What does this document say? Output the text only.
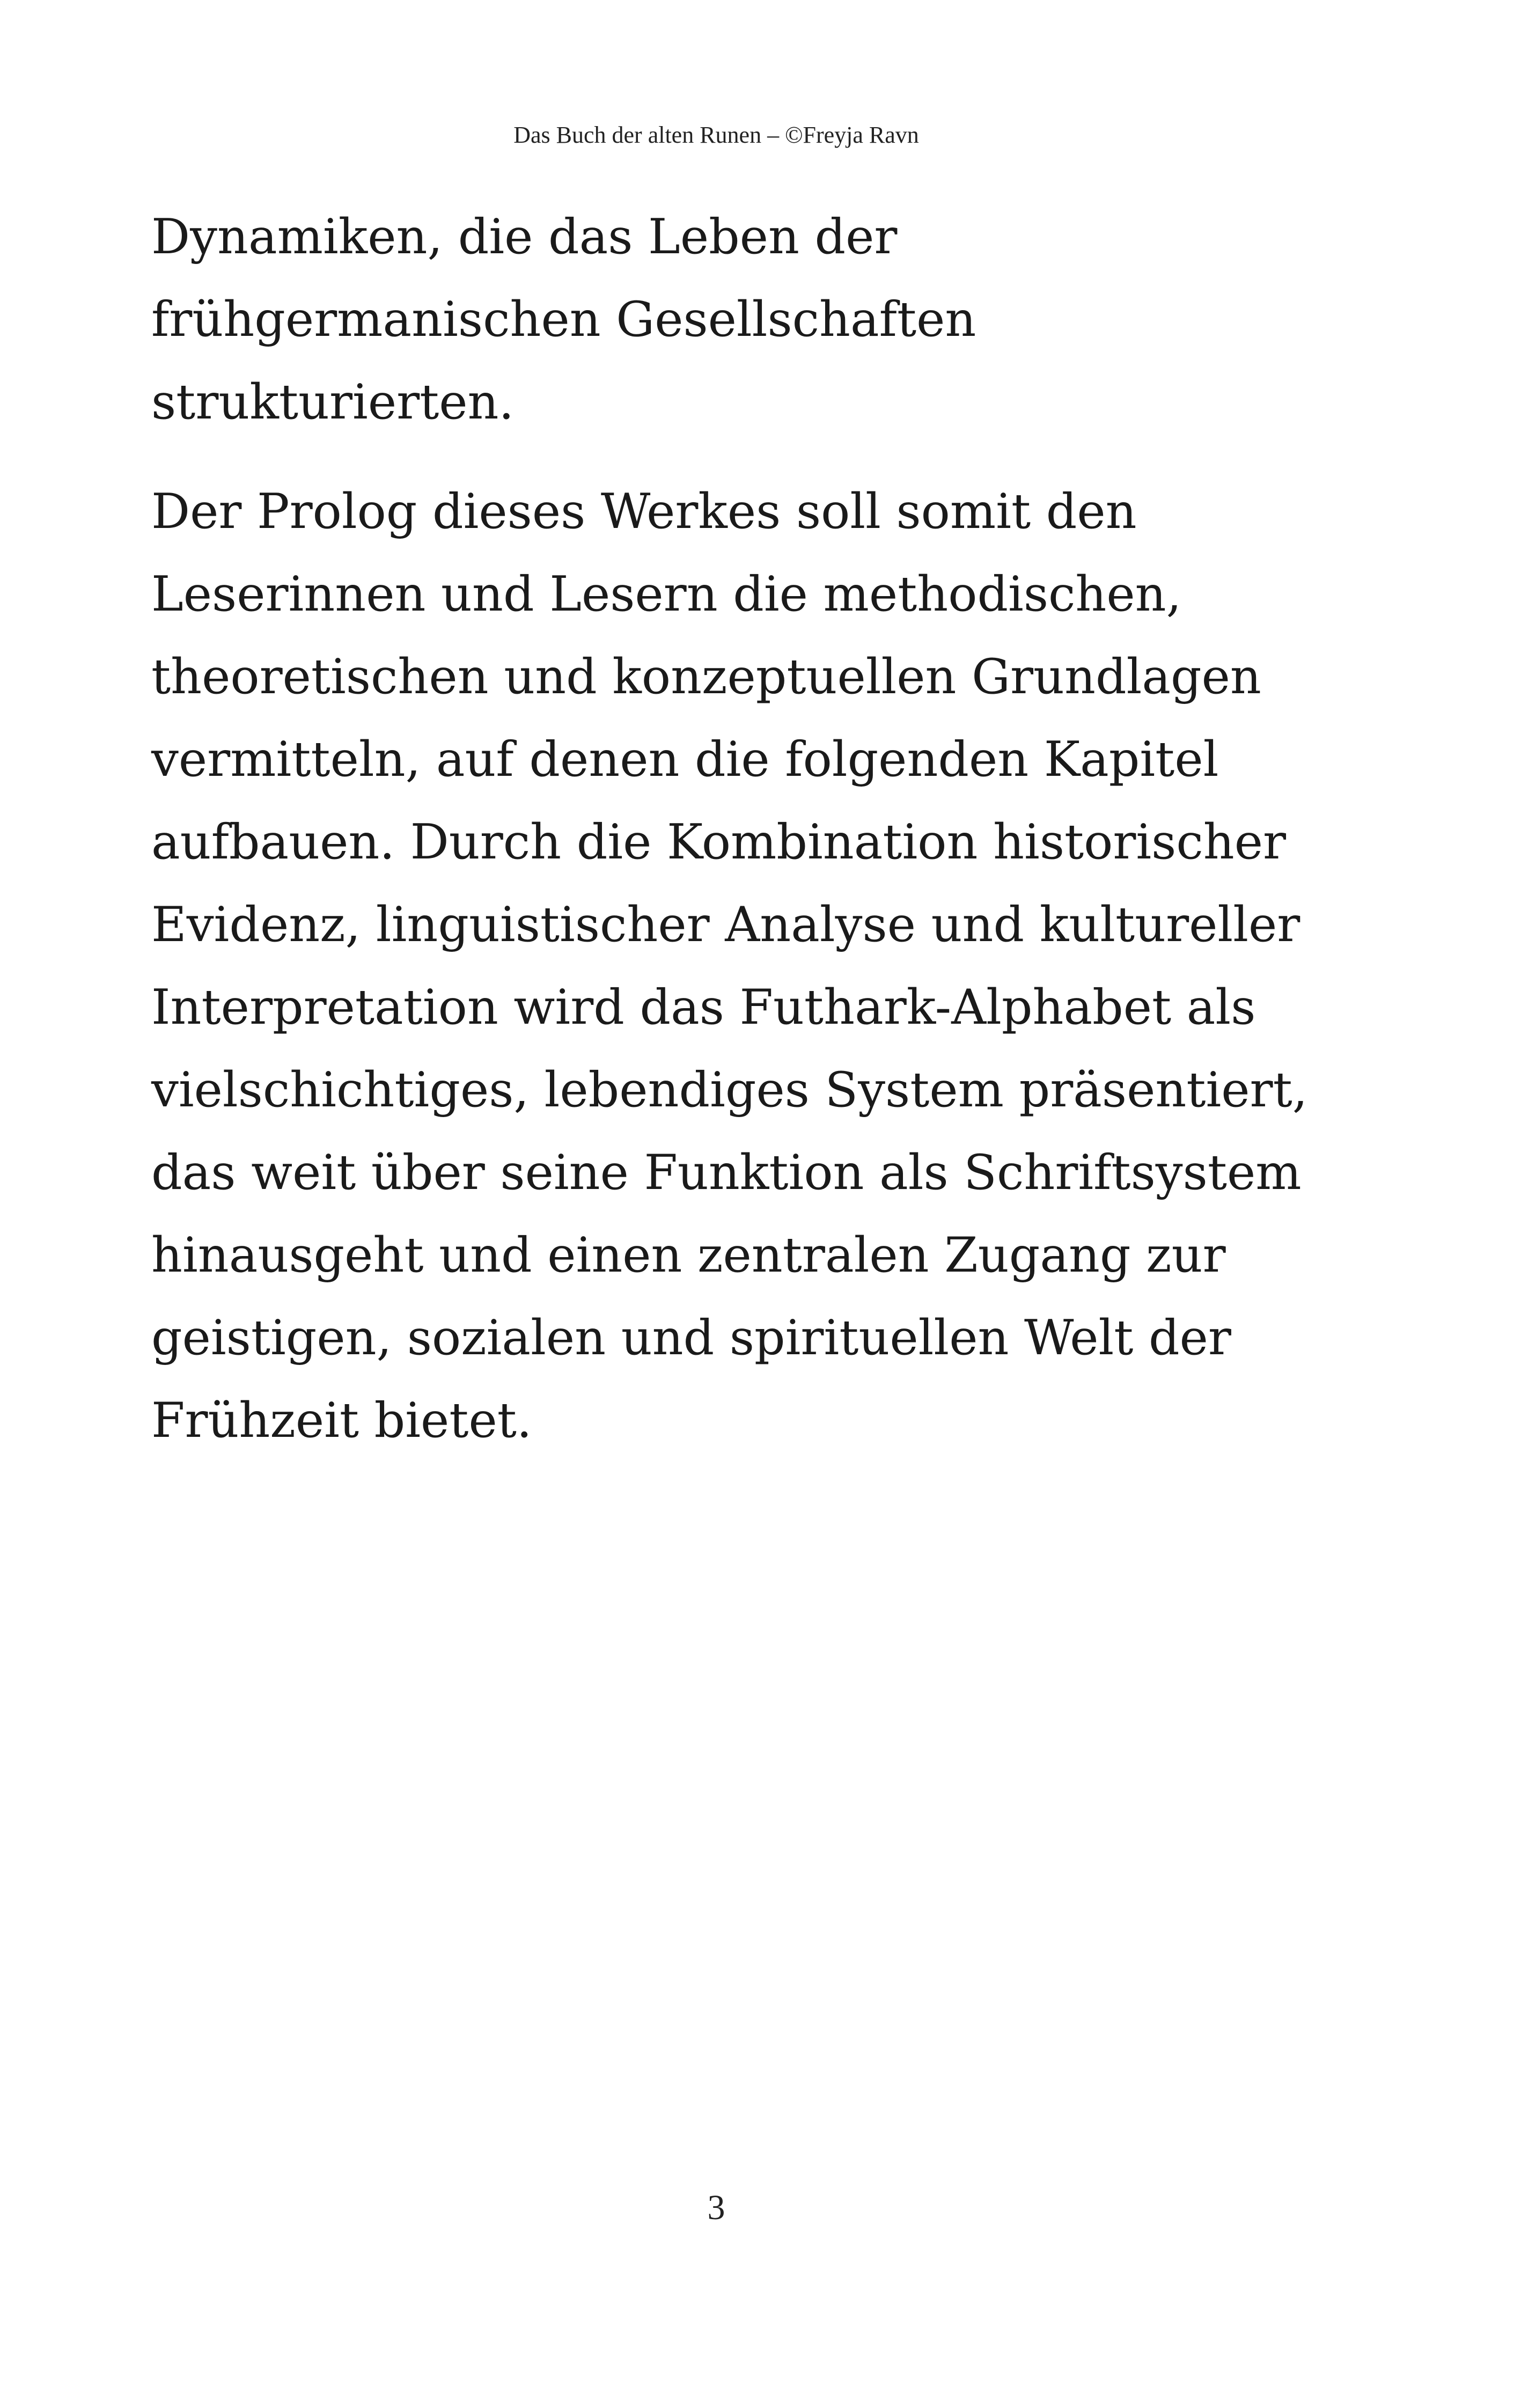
Das Buch der alten Runen – ©Freyja Ravn

Dynamiken, die das Leben der
frühgermanischen Gesellschaften
strukturierten.

Der Prolog dieses Werkes soll somit den
Leserinnen und Lesern die methodischen,
theoretischen und konzeptuellen Grundlagen
vermitteln, auf denen die folgenden Kapitel
aufbauen. Durch die Kombination historischer
Evidenz, linguistischer Analyse und kultureller
Interpretation wird das Futhark-Alphabet als
vielschichtiges, lebendiges System präsentiert,
das weit über seine Funktion als Schriftsystem
hinausgeht und einen zentralen Zugang zur
geistigen, sozialen und spirituellen Welt der
Frühzeit bietet.

3
